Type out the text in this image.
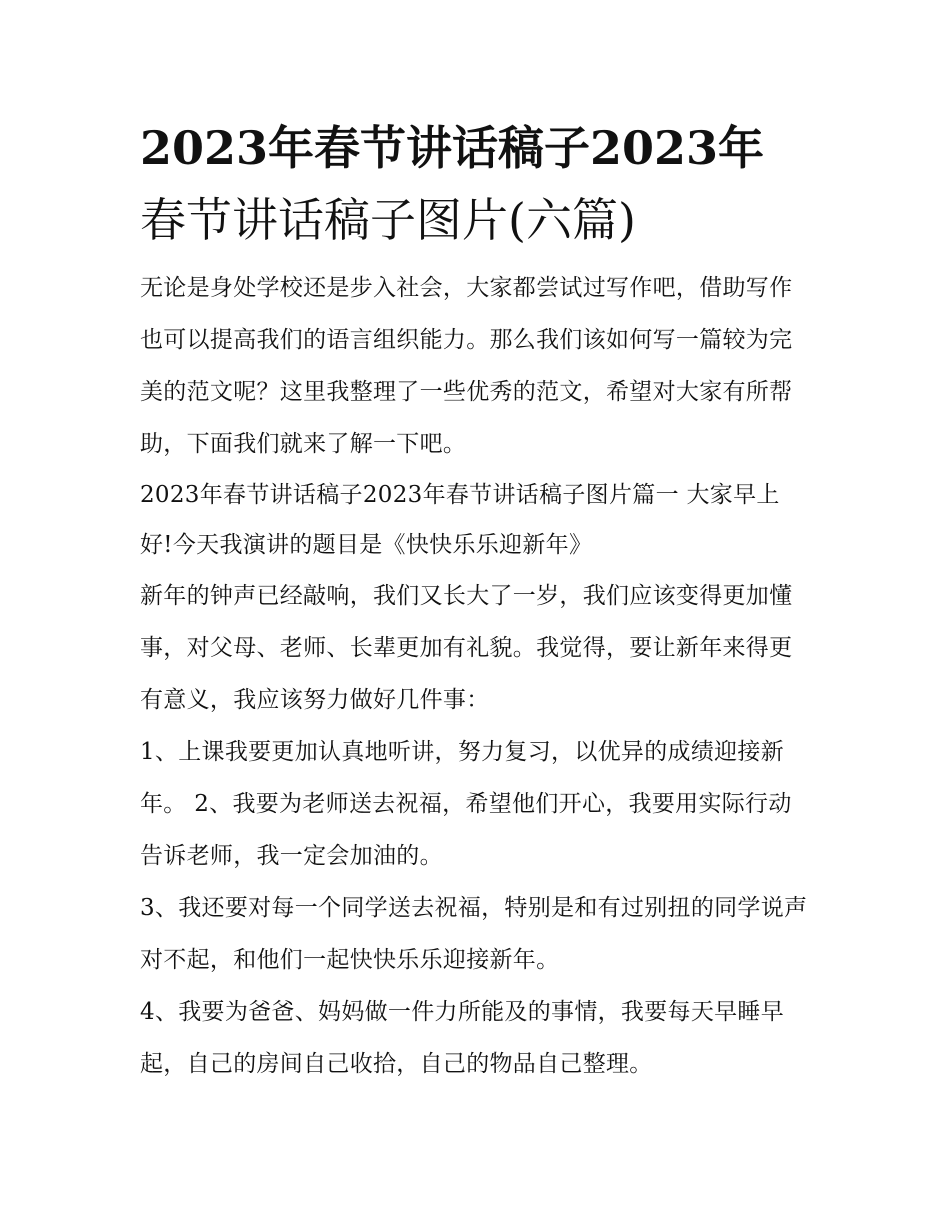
2023年春节讲话稿子2023年
春节讲话稿子图片(六篇)

无论是身处学校还是步入社会，大家都尝试过写作吧，借助写作也可以提高我们的语言组织能力。那么我们该如何写一篇较为完美的范文呢？这里我整理了一些优秀的范文，希望对大家有所帮助，下面我们就来了解一下吧。

2023年春节讲话稿子2023年春节讲话稿子图片篇一 大家早上好!今天我演讲的题目是《快快乐乐迎新年》

新年的钟声已经敲响，我们又长大了一岁，我们应该变得更加懂事，对父母、老师、长辈更加有礼貌。我觉得，要让新年来得更有意义，我应该努力做好几件事：

1、上课我要更加认真地听讲，努力复习，以优异的成绩迎接新年。 2、我要为老师送去祝福，希望他们开心，我要用实际行动告诉老师，我一定会加油的。

3、我还要对每一个同学送去祝福，特别是和有过别扭的同学说声对不起，和他们一起快快乐乐迎接新年。

4、我要为爸爸、妈妈做一件力所能及的事情，我要每天早睡早起，自己的房间自己收拾，自己的物品自己整理。
